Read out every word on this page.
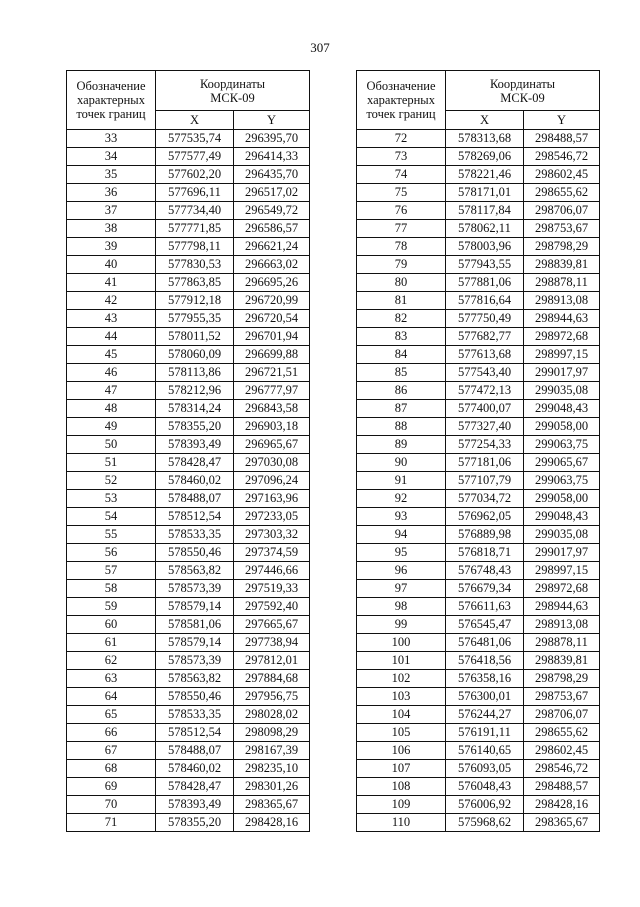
307
Обозначение
характерных
точек границ	Координаты
МСК-09	
	X	Y
33	577535,74	296395,70
34	577577,49	296414,33
35	577602,20	296435,70
36	577696,11	296517,02
37	577734,40	296549,72
38	577771,85	296586,57
39	577798,11	296621,24
40	577830,53	296663,02
41	577863,85	296695,26
42	577912,18	296720,99
43	577955,35	296720,54
44	578011,52	296701,94
45	578060,09	296699,88
46	578113,86	296721,51
47	578212,96	296777,97
48	578314,24	296843,58
49	578355,20	296903,18
50	578393,49	296965,67
51	578428,47	297030,08
52	578460,02	297096,24
53	578488,07	297163,96
54	578512,54	297233,05
55	578533,35	297303,32
56	578550,46	297374,59
57	578563,82	297446,66
58	578573,39	297519,33
59	578579,14	297592,40
60	578581,06	297665,67
61	578579,14	297738,94
62	578573,39	297812,01
63	578563,82	297884,68
64	578550,46	297956,75
65	578533,35	298028,02
66	578512,54	298098,29
67	578488,07	298167,39
68	578460,02	298235,10
69	578428,47	298301,26
70	578393,49	298365,67
71	578355,20	298428,16
Обозначение
характерных
точек границ	Координаты
МСК-09	
	X	Y
72	578313,68	298488,57
73	578269,06	298546,72
74	578221,46	298602,45
75	578171,01	298655,62
76	578117,84	298706,07
77	578062,11	298753,67
78	578003,96	298798,29
79	577943,55	298839,81
80	577881,06	298878,11
81	577816,64	298913,08
82	577750,49	298944,63
83	577682,77	298972,68
84	577613,68	298997,15
85	577543,40	299017,97
86	577472,13	299035,08
87	577400,07	299048,43
88	577327,40	299058,00
89	577254,33	299063,75
90	577181,06	299065,67
91	577107,79	299063,75
92	577034,72	299058,00
93	576962,05	299048,43
94	576889,98	299035,08
95	576818,71	299017,97
96	576748,43	298997,15
97	576679,34	298972,68
98	576611,63	298944,63
99	576545,47	298913,08
100	576481,06	298878,11
101	576418,56	298839,81
102	576358,16	298798,29
103	576300,01	298753,67
104	576244,27	298706,07
105	576191,11	298655,62
106	576140,65	298602,45
107	576093,05	298546,72
108	576048,43	298488,57
109	576006,92	298428,16
110	575968,62	298365,67
